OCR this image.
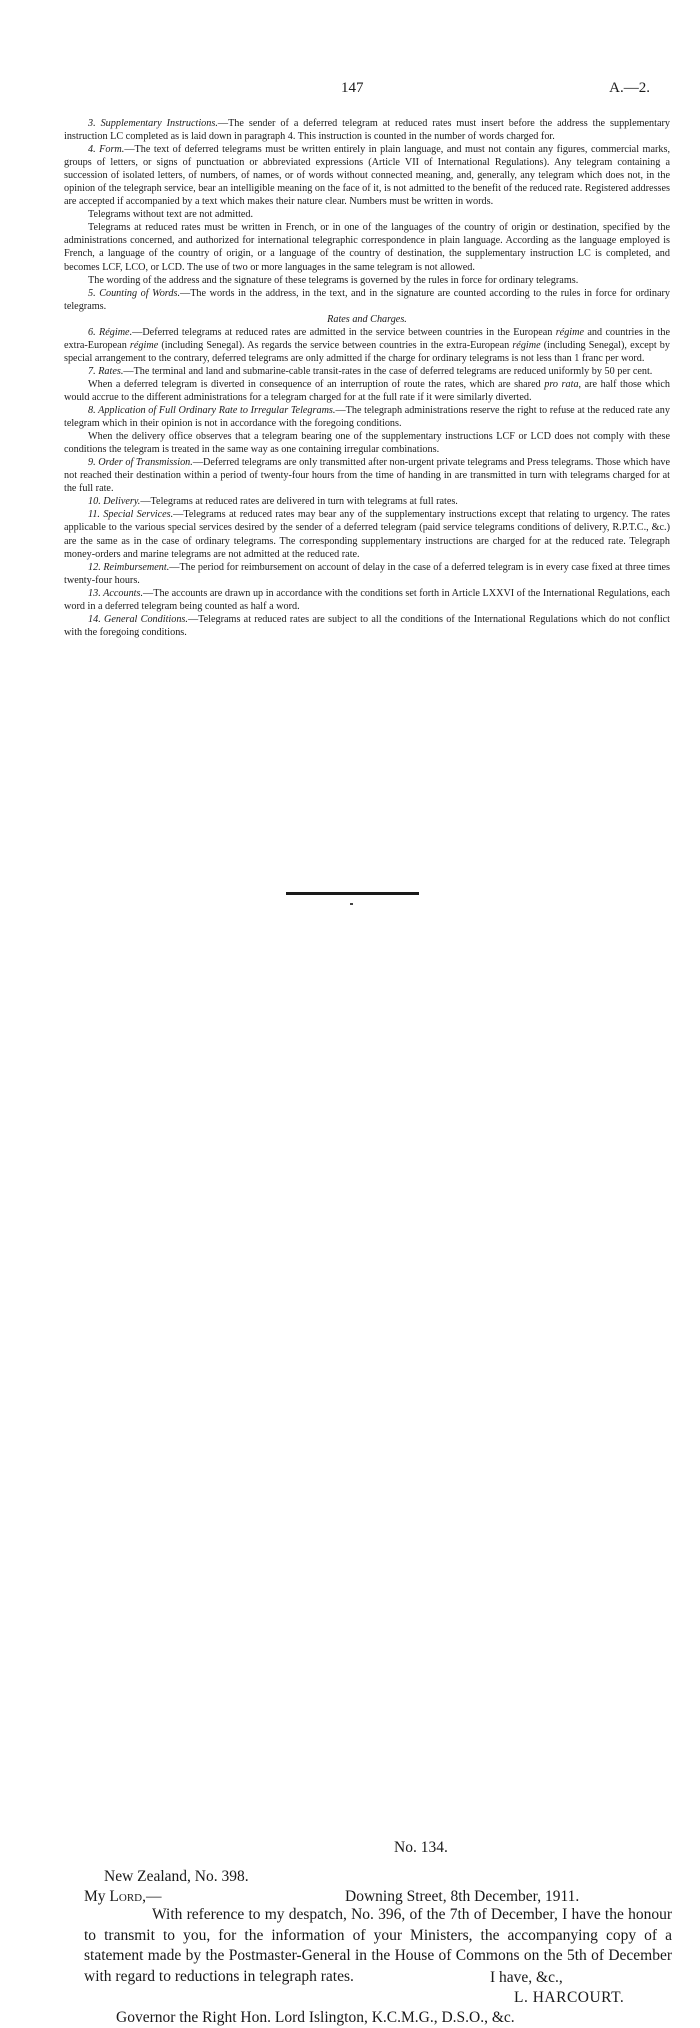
147	A.—2.

3. Supplementary Instructions.—The sender of a deferred telegram at reduced rates must insert before the address the supplementary instruction LC completed as is laid down in paragraph 4. This instruction is counted in the number of words charged for.

4. Form.—The text of deferred telegrams must be written entirely in plain language, and must not contain any figures, commercial marks, groups of letters, or signs of punctuation or abbreviated expressions (Article VII of International Regulations). Any telegram containing a succession of isolated letters, of numbers, of names, or of words without connected meaning, and, generally, any telegram which does not, in the opinion of the telegraph service, bear an intelligible meaning on the face of it, is not admitted to the benefit of the reduced rate. Registered addresses are accepted if accompanied by a text which makes their nature clear. Numbers must be written in words.

Telegrams without text are not admitted.

Telegrams at reduced rates must be written in French, or in one of the languages of the country of origin or destination, specified by the administrations concerned, and authorized for international telegraphic correspondence in plain language. According as the language employed is French, a language of the country of origin, or a language of the country of destination, the supplementary instruction LC is completed, and becomes LCF, LCO, or LCD. The use of two or more languages in the same telegram is not allowed.

The wording of the address and the signature of these telegrams is governed by the rules in force for ordinary telegrams.

5. Counting of Words.—The words in the address, in the text, and in the signature are counted according to the rules in force for ordinary telegrams.

Rates and Charges.

6. Régime.—Deferred telegrams at reduced rates are admitted in the service between countries in the European régime and countries in the extra-European régime (including Senegal). As regards the service between countries in the extra-European régime (including Senegal), except by special arrangement to the contrary, deferred telegrams are only admitted if the charge for ordinary telegrams is not less than 1 franc per word.

7. Rates.—The terminal and land and submarine-cable transit-rates in the case of deferred telegrams are reduced uniformly by 50 per cent.

When a deferred telegram is diverted in consequence of an interruption of route the rates, which are shared pro rata, are half those which would accrue to the different administrations for a telegram charged for at the full rate if it were similarly diverted.

8. Application of Full Ordinary Rate to Irregular Telegrams.—The telegraph administrations reserve the right to refuse at the reduced rate any telegram which in their opinion is not in accordance with the foregoing conditions.

When the delivery office observes that a telegram bearing one of the supplementary instructions LCF or LCD does not comply with these conditions the telegram is treated in the same way as one containing irregular combinations.

9. Order of Transmission.—Deferred telegrams are only transmitted after non-urgent private telegrams and Press telegrams. Those which have not reached their destination within a period of twenty-four hours from the time of handing in are transmitted in turn with telegrams charged for at the full rate.

10. Delivery.—Telegrams at reduced rates are delivered in turn with telegrams at full rates.

11. Special Services.—Telegrams at reduced rates may bear any of the supplementary instructions except that relating to urgency. The rates applicable to the various special services desired by the sender of a deferred telegram (paid service telegrams conditions of delivery, R.P.T.C., &c.) are the same as in the case of ordinary telegrams. The corresponding supplementary instructions are charged for at the reduced rate. Telegraph money-orders and marine telegrams are not admitted at the reduced rate.

12. Reimbursement.—The period for reimbursement on account of delay in the case of a deferred telegram is in every case fixed at three times twenty-four hours.

13. Accounts.—The accounts are drawn up in accordance with the conditions set forth in Article LXXVI of the International Regulations, each word in a deferred telegram being counted as half a word.

14. General Conditions.—Telegrams at reduced rates are subject to all the conditions of the International Regulations which do not conflict with the foregoing conditions.

No. 134.
New Zealand, No. 398.
My Lord,—	Downing Street, 8th December, 1911.
With reference to my despatch, No. 396, of the 7th of December, I have the honour to transmit to you, for the information of your Ministers, the accompanying copy of a statement made by the Postmaster-General in the House of Commons on the 5th of December with regard to reductions in telegraph rates.	I have, &c.,
L. HARCOURT.
Governor the Right Hon. Lord Islington, K.C.M.G., D.S.O., &c.
